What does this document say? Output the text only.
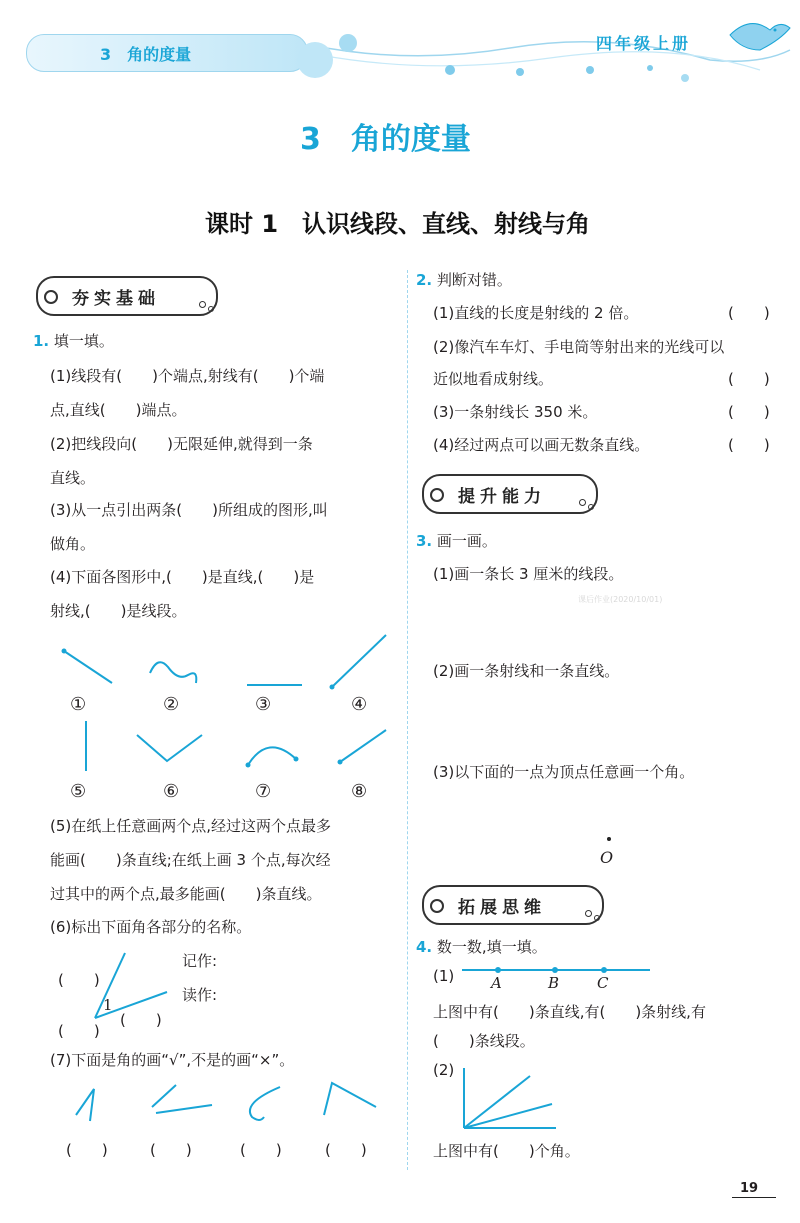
3　角的度量
四年级上册
3　角的度量
课时 1　认识线段、直线、射线与角
夯实基础
1. 填一填。
(1)线段有(　　)个端点,射线有(　　)个端
点,直线(　　)端点。
(2)把线段向(　　)无限延伸,就得到一条
直线。
(3)从一点引出两条(　　)所组成的图形,叫
做角。
(4)下面各图形中,(　　)是直线,(　　)是
射线,(　　)是线段。
①	②	③	④
⑤	⑥	⑦	⑧
(5)在纸上任意画两个点,经过这两个点最多
能画(　　)条直线;在纸上画 3 个点,每次经
过其中的两个点,最多能画(　　)条直线。
(6)标出下面角各部分的名称。
(　　)
1
(　　)
(　　)
记作:
读作:
(7)下面是角的画“√”,不是的画“×”。
(　　)	(　　)	(　　)	(　　)
2. 判断对错。
(1)直线的长度是射线的 2 倍。	(　　)
(2)像汽车车灯、手电筒等射出来的光线可以
近似地看成射线。	(　　)
(3)一条射线长 350 米。	(　　)
(4)经过两点可以画无数条直线。	(　　)
提升能力
3. 画一画。
(1)画一条长 3 厘米的线段。
课后作业(2020/10/01)
(2)画一条射线和一条直线。
(3)以下面的一点为顶点任意画一个角。
O
拓展思维
4. 数一数,填一填。
(1) A	B	C
上图中有(　　)条直线,有(　　)条射线,有
(　　)条线段。
(2)
上图中有(　　)个角。
19
